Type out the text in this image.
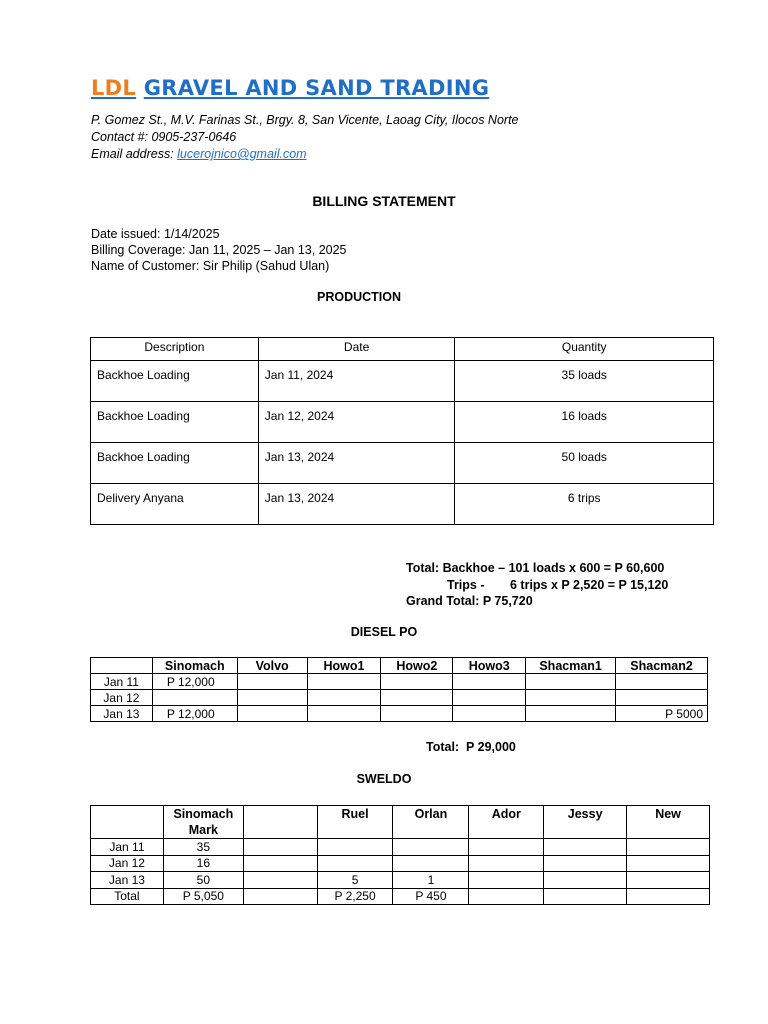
LDL GRAVEL AND SAND TRADING
P. Gomez St., M.V. Farinas St., Brgy. 8, San Vicente, Laoag City, Ilocos Norte
Contact #: 0905-237-0646
Email address: lucerojnico@gmail.com
BILLING STATEMENT
Date issued: 1/14/2025
Billing Coverage: Jan 11, 2025 – Jan 13, 2025
Name of Customer: Sir Philip (Sahud Ulan)
PRODUCTION
Description	Date	Quantity
Backhoe Loading	Jan 11, 2024	35 loads
Backhoe Loading	Jan 12, 2024	16 loads
Backhoe Loading	Jan 13, 2024	50 loads
Delivery Anyana	Jan 13, 2024	6 trips
Total: Backhoe – 101 loads x 600 = P 60,600
Trips -	6 trips x P 2,520 = P 15,120
Grand Total: P 75,720
DIESEL PO
	Sinomach	Volvo	Howo1	Howo2	Howo3	Shacman1	Shacman2
Jan 11	P 12,000						
Jan 12							
Jan 13	P 12,000						P 5000
Total:  P 29,000
SWELDO
	Sinomach Mark		Ruel	Orlan	Ador	Jessy	New
Jan 11	35						
Jan 12	16						
Jan 13	50		5	1			
Total	P 5,050		P 2,250	P 450			
